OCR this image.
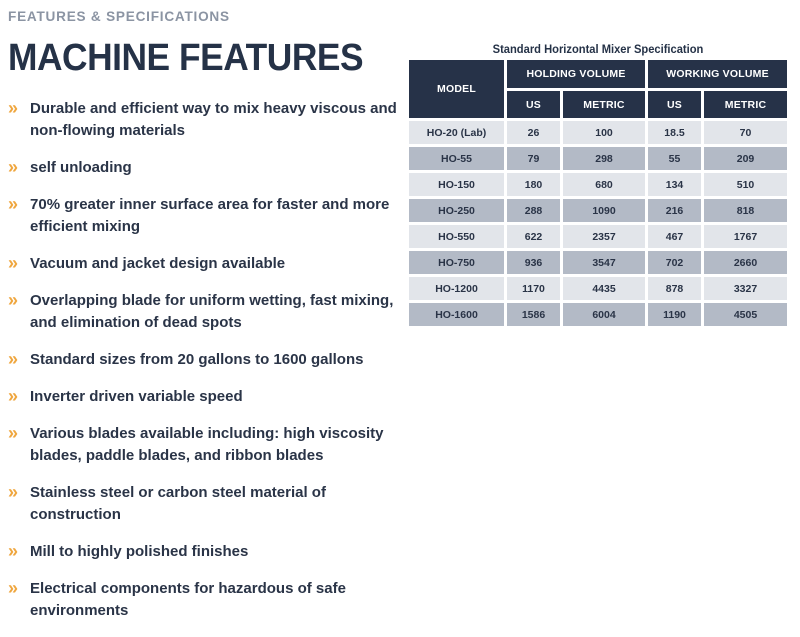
FEATURES & SPECIFICATIONS
MACHINE FEATURES
» Durable and efficient way to mix heavy viscous and non-flowing materials
» self unloading
» 70% greater inner surface area for faster and more efficient mixing
» Vacuum and jacket design available
» Overlapping blade for uniform wetting, fast mixing, and elimination of dead spots
» Standard sizes from 20 gallons to 1600 gallons
» Inverter driven variable speed
» Various blades available including: high viscosity blades, paddle blades, and ribbon blades
» Stainless steel or carbon steel material of construction
» Mill to highly polished finishes
» Electrical components for hazardous of safe environments
Standard Horizontal Mixer Specification
MODEL	HOLDING VOLUME		WORKING VOLUME	
	US	METRIC	US	METRIC
HO-20 (Lab)	26	100	18.5	70
HO-55	79	298	55	209
HO-150	180	680	134	510
HO-250	288	1090	216	818
HO-550	622	2357	467	1767
HO-750	936	3547	702	2660
HO-1200	1170	4435	878	3327
HO-1600	1586	6004	1190	4505
